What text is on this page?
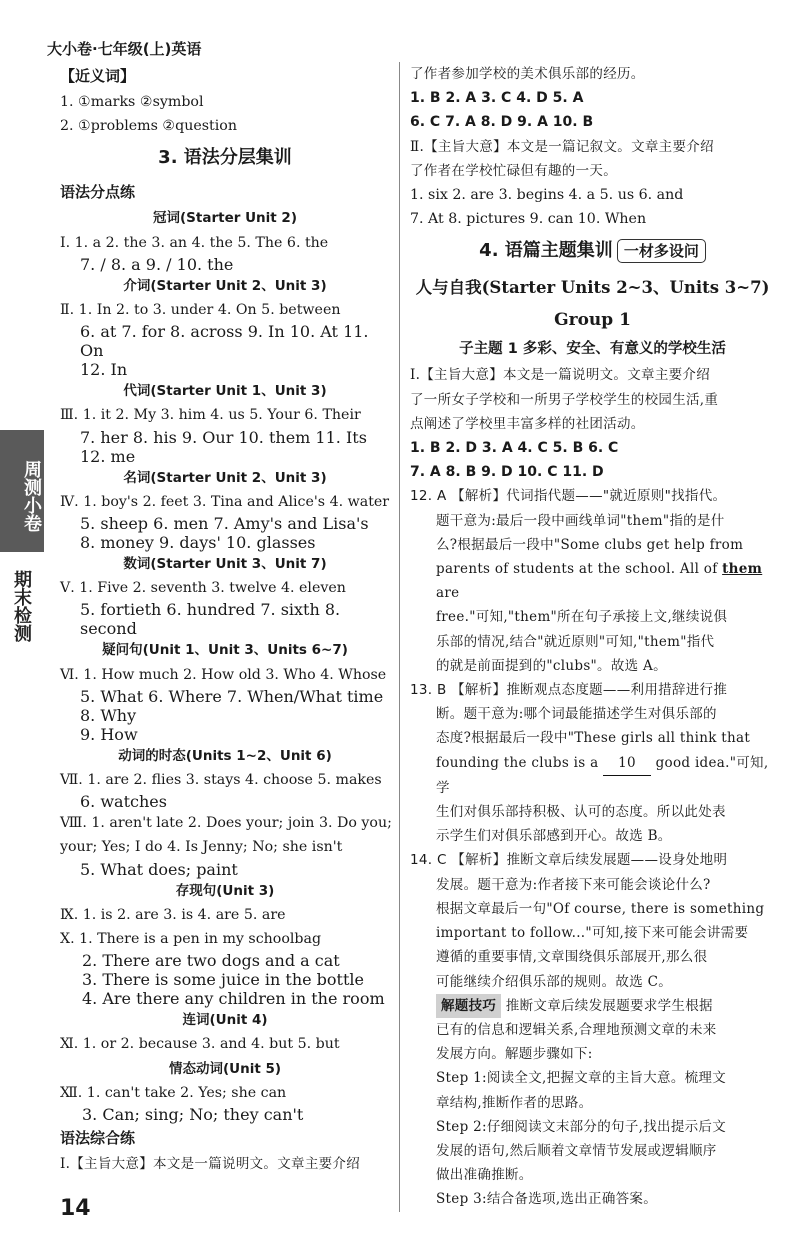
大小卷·七年级(上)英语
周测小卷
期末检测
【近义词】
1. ①marks ②symbol
2. ①problems ②question
3. 语法分层集训
语法分点练
冠词(Starter Unit 2)
Ⅰ. 1. a 2. the 3. an 4. the 5. The 6. the
7. ∕ 8. a 9. ∕ 10. the
介词(Starter Unit 2、Unit 3)
Ⅱ. 1. In 2. to 3. under 4. On 5. between
6. at 7. for 8. across 9. In 10. At 11. On
12. In
代词(Starter Unit 1、Unit 3)
Ⅲ. 1. it 2. My 3. him 4. us 5. Your 6. Their
7. her 8. his 9. Our 10. them 11. Its
12. me
名词(Starter Unit 2、Unit 3)
Ⅳ. 1. boy's 2. feet 3. Tina and Alice's 4. water
5. sheep 6. men 7. Amy's and Lisa's
8. money 9. days' 10. glasses
数词(Starter Unit 3、Unit 7)
Ⅴ. 1. Five 2. seventh 3. twelve 4. eleven
5. fortieth 6. hundred 7. sixth 8. second
疑问句(Unit 1、Unit 3、Units 6~7)
Ⅵ. 1. How much 2. How old 3. Who 4. Whose
5. What 6. Where 7. When/What time 8. Why
9. How
动词的时态(Units 1~2、Unit 6)
Ⅶ. 1. are 2. flies 3. stays 4. choose 5. makes
6. watches
Ⅷ. 1. aren't late 2. Does your; join 3. Do you;
your; Yes; I do 4. Is Jenny; No; she isn't
5. What does; paint
存现句(Unit 3)
Ⅸ. 1. is 2. are 3. is 4. are 5. are
Ⅹ. 1. There is a pen in my schoolbag
2. There are two dogs and a cat
3. There is some juice in the bottle
4. Are there any children in the room
连词(Unit 4)
Ⅺ. 1. or 2. because 3. and 4. but 5. but
情态动词(Unit 5)
Ⅻ. 1. can't take 2. Yes; she can
3. Can; sing; No; they can't
语法综合练
Ⅰ.【主旨大意】本文是一篇说明文。文章主要介绍
了作者参加学校的美术俱乐部的经历。
1. B 2. A 3. C 4. D 5. A
6. C 7. A 8. D 9. A 10. B
Ⅱ.【主旨大意】本文是一篇记叙文。文章主要介绍
了作者在学校忙碌但有趣的一天。
1. six 2. are 3. begins 4. a 5. us 6. and
7. At 8. pictures 9. can 10. When
4. 语篇主题集训 一材多设问
人与自我(Starter Units 2~3、Units 3~7)
Group 1
子主题 1 多彩、安全、有意义的学校生活
Ⅰ.【主旨大意】本文是一篇说明文。文章主要介绍
了一所女子学校和一所男子学校学生的校园生活,重
点阐述了学校里丰富多样的社团活动。
1. B 2. D 3. A 4. C 5. B 6. C
7. A 8. B 9. D 10. C 11. D
12. A 【解析】代词指代题——"就近原则"找指代。
题干意为:最后一段中画线单词"them"指的是什
么?根据最后一段中"Some clubs get help from
parents of students at the school. All of them are
free."可知,"them"所在句子承接上文,继续说俱
乐部的情况,结合"就近原则"可知,"them"指代
的就是前面提到的"clubs"。故选 A。
13. B 【解析】推断观点态度题——利用措辞进行推
断。题干意为:哪个词最能描述学生对俱乐部的
态度?根据最后一段中"These girls all think that
founding the clubs is a 10 good idea."可知,学
生们对俱乐部持积极、认可的态度。所以此处表
示学生们对俱乐部感到开心。故选 B。
14. C 【解析】推断文章后续发展题——设身处地明
发展。题干意为:作者接下来可能会谈论什么?
根据文章最后一句"Of course, there is something
important to follow..."可知,接下来可能会讲需要
遵循的重要事情,文章围绕俱乐部展开,那么很
可能继续介绍俱乐部的规则。故选 C。
解题技巧 推断文章后续发展题要求学生根据
已有的信息和逻辑关系,合理地预测文章的未来
发展方向。解题步骤如下:
Step 1:阅读全文,把握文章的主旨大意。梳理文
章结构,推断作者的思路。
Step 2:仔细阅读文末部分的句子,找出提示后文
发展的语句,然后顺着文章情节发展或逻辑顺序
做出准确推断。
Step 3:结合备选项,选出正确答案。
14
